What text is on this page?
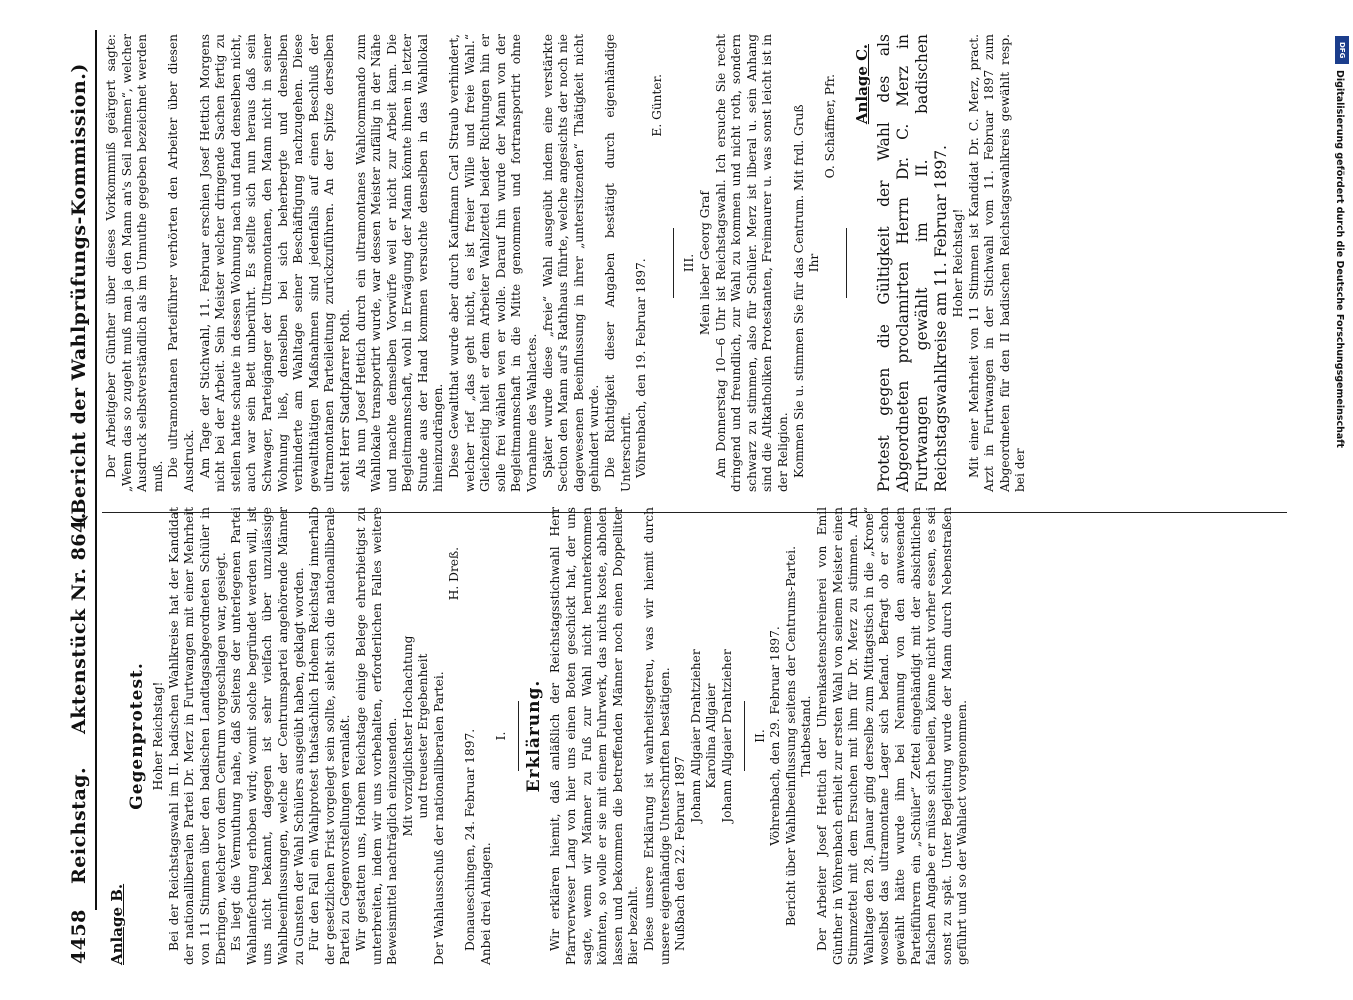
4458
Reichstag.
Aktenstück Nr. 864.
(Bericht der Wahlprüfungs-Kommission.)
Anlage B.
Gegenprotest. Hoher Reichstag! Bei der Reichstagswahl im II. badischen Wahlkreise hat der Kandidat der nationalliberalen Partei Dr. Merz in Furtwangen mit einer Mehrheit von 11 Stimmen über den badischen Landtagsabgeordneten Schüler in Eberingen, welcher von dem Centrum vorgeschlagen war, gesiegt. Es liegt die Vermuthung nahe, daß Seitens der unterlegenen Partei Wahlanfechtung erhoben wird; womit solche begründet werden will, ist uns nicht bekannt, dagegen ist sehr vielfach über unzulässige Wahlbeeinflussungen, welche der Centrumspartei angehörende Männer zu Gunsten der Wahl Schülers ausgeübt haben, geklagt worden. Für den Fall ein Wahlprotest thatsächlich Hohem Reichstag innerhalb der gesetzlichen Frist vorgelegt sein sollte, sieht sich die nationalliberale Partei zu Gegenvorstellungen veranlaßt. Wir gestatten uns, Hohem Reichstage einige Belege ehrerbietigst zu unterbreiten, indem wir uns vorbehalten, erforderlichen Falles weitere Beweismittel nachträglich einzusenden. Mit vorzüglichster Hochachtung und treuester Ergebenheit Der Wahlausschuß der nationalliberalen Partei.

H. Dreß.

Donaueschingen, 24. Februar 1897. Anbei drei Anlagen.

I. Erklärung. Wir erklären hiemit, daß anläßlich der Reichstagsstichwahl Herr Pfarrverweser Lang von hier uns einen Boten geschickt hat, der uns sagte, wenn wir Männer zu Fuß zur Wahl nicht herunterkommen könnten, so wolle er sie mit einem Fuhrwerk, das nichts koste, abholen lassen und bekommen die betreffenden Männer noch einen Doppelliter Bier bezahlt. Diese unsere Erklärung ist wahrheitsgetreu, was wir hiemit durch unsere eigenhändige Unterschriften bestätigen. Nußbach den 22. Februar 1897

Johann Allgaier Drahtzieher Karolina Allgaier Johann Allgaier Drahtzieher II. Vöhrenbach, den 29. Februar 1897. Bericht über Wahlbeeinflussung seitens der Centrums-Partei. Thatbestand. Der Arbeiter Josef Hettich der Uhrenkastenschreinerei von Emil Günther in Vöhrenbach erhielt zur ersten Wahl von seinem Meister einen Stimmzettel mit dem Ersuchen mit ihm für Dr. Merz zu stimmen. Am Wahltage den 28. Januar ging derselbe zum Mittagstisch in die „Krone“ woselbst das ultramontane Lager sich befand. Befragt ob er schon gewählt hätte wurde ihm bei Nennung von den anwesenden Parteiführern ein „Schüler“ Zettel eingehändigt mit der absichtlichen falschen Angabe er müsse sich beeilen, könne nicht vorher essen, es sei sonst zu spät. Unter Begleitung wurde der Mann durch Nebenstraßen geführt und so der Wahlact vorgenommen.

Der Arbeitgeber Günther über dieses Vorkommniß geärgert sagte: „Wenn das so zugeht muß man ja den Mann an's Seil nehmen“, welcher Ausdruck selbstverständlich als im Unmuthe gegeben bezeichnet werden muß. Die ultramontanen Parteiführer verhörten den Arbeiter über diesen Ausdruck. Am Tage der Stichwahl, 11. Februar erschien Josef Hettich Morgens nicht bei der Arbeit. Sein Meister welcher dringende Sachen fertig zu stellen hatte schaute in dessen Wohnung nach und fand denselben nicht, auch war sein Bett unberührt. Es stellte sich nun heraus daß sein Schwager, Parteigänger der Ultramontanen, den Mann nicht in seiner Wohnung ließ, denselben bei sich beherbergte und denselben verhinderte am Wahltage seiner Beschäftigung nachzugehen. Diese gewaltthätigen Maßnahmen sind jedenfalls auf einen Beschluß der ultramontanen Parteileitung zurückzuführen. An der Spitze derselben steht Herr Stadtpfarrer Roth. Als nun Josef Hettich durch ein ultramontanes Wahlcommando zum Wahllokale transportirt wurde, war dessen Meister zufällig in der Nähe und machte demselben Vorwürfe weil er nicht zur Arbeit kam. Die Begleitmannschaft, wohl in Erwägung der Mann könnte ihnen in letzter Stunde aus der Hand kommen versuchte denselben in das Wahllokal hineinzudrängen. Diese Gewaltthat wurde aber durch Kaufmann Carl Straub verhindert, welcher rief „das geht nicht, es ist freier Wille und freie Wahl.“ Gleichzeitig hielt er dem Arbeiter Wahlzettel beider Richtungen hin er solle frei wählen wen er wolle. Darauf hin wurde der Mann von der Begleitmannschaft in die Mitte genommen und fortransportirt ohne Vornahme des Wahlactes. Später wurde diese „freie“ Wahl ausgeübt indem eine verstärkte Section den Mann auf's Rathhaus führte, welche angesichts der noch nie dagewesenen Beeinflussung in ihrer „untersitzenden“ Thätigkeit nicht gehindert wurde. Die Richtigkeit dieser Angaben bestätigt durch eigenhändige Unterschrift. Vöhrenbach, den 19. Februar 1897.

E. Günter.

III. Mein lieber Georg Graf Am Donnerstag 10—6 Uhr ist Reichstagswahl. Ich ersuche Sie recht dringend und freundlich, zur Wahl zu kommen und nicht roth, sondern schwarz zu stimmen, also für Schüler. Merz ist liberal u. sein Anhang sind die Altkatholiken Protestanten, Freimaurer u. was sonst leicht ist in der Religion. Kommen Sie u. stimmen Sie für das Centrum. Mit frdl. Gruß Ihr

O. Schäffner, Pfr. Anlage C. Protest gegen die Gültigkeit der Wahl des als Abgeordneten proclamirten Herrn Dr. C. Merz in Furtwangen gewählt im II. badischen Reichstagswahlkreise am 11. Februar 1897. Hoher Reichstag! Mit einer Mehrheit von 11 Stimmen ist Kandidat Dr. C. Merz, pract. Arzt in Furtwangen in der Stichwahl vom 11. Februar 1897 zum Abgeordneten für den II badischen Reichstagswahlkreis gewählt resp. bei der

DFG
Digitalisierung gefördert durch die Deutsche Forschungsgemeinschaft
